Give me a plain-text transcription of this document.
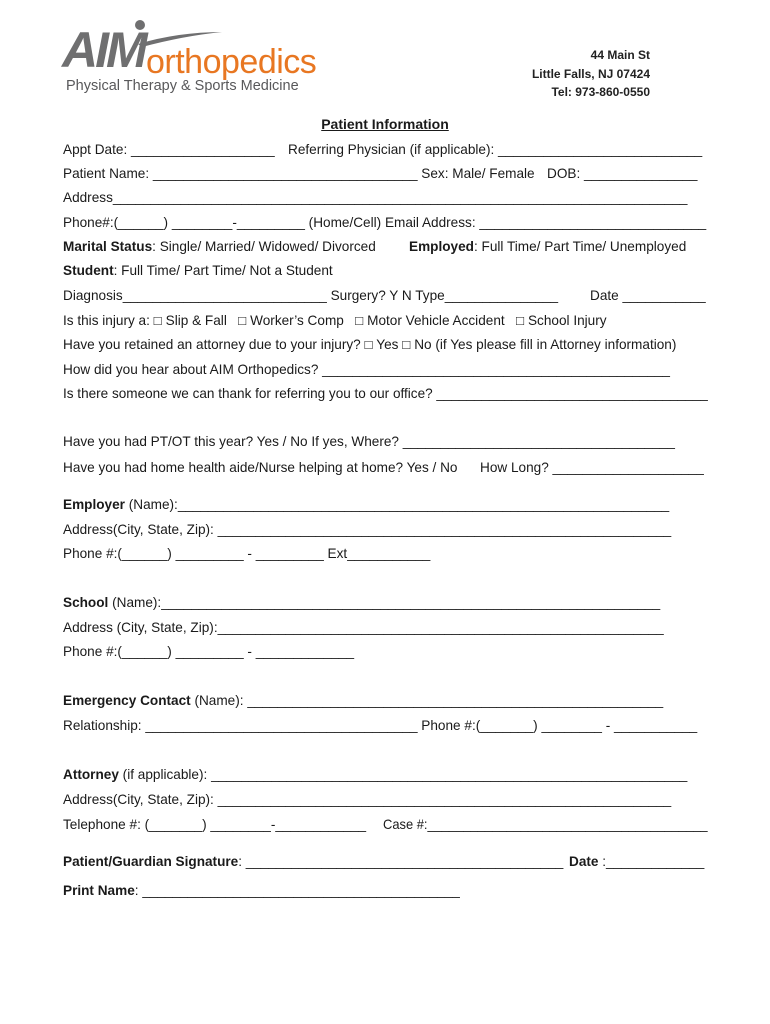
AIM orthopedics
Physical Therapy & Sports Medicine
44 Main St
Little Falls, NJ 07424
Tel: 973-860-0550
Patient Information
Appt Date: ___________________ Referring Physician (if applicable): ___________________________
Patient Name: ___________________________________ Sex: Male/ Female DOB: _______________
Address____________________________________________________________________________
Phone#:(______) ________-_________ (Home/Cell) Email Address: ______________________________
Marital Status: Single/ Married/ Widowed/ Divorced Employed: Full Time/ Part Time/ Unemployed
Student: Full Time/ Part Time/ Not a Student
Diagnosis___________________________ Surgery? Y N Type_______________ Date ___________
Is this injury a: □ Slip & Fall   □ Worker’s Comp   □ Motor Vehicle Accident   □ School Injury
Have you retained an attorney due to your injury? □ Yes □ No (if Yes please fill in Attorney information)
How did you hear about AIM Orthopedics? ______________________________________________
Is there someone we can thank for referring you to our office? ____________________________________
Have you had PT/OT this year? Yes / No If yes, Where? ____________________________________
Have you had home health aide/Nurse helping at home? Yes / No How Long? ____________________
Employer (Name):_________________________________________________________________
Address(City, State, Zip): ____________________________________________________________
Phone #:(______) _________ - _________ Ext___________
School (Name):__________________________________________________________________
Address (City, State, Zip):___________________________________________________________
Phone #:(______) _________ - _____________
Emergency Contact (Name): _______________________________________________________
Relationship: ____________________________________ Phone #:(_______) ________ - ___________
Attorney (if applicable): _______________________________________________________________
Address(City, State, Zip): ____________________________________________________________
Telephone #: (_______) ________-____________ Case #:_______________________________________
Patient/Guardian Signature: __________________________________________ Date :_____________
Print Name: __________________________________________
